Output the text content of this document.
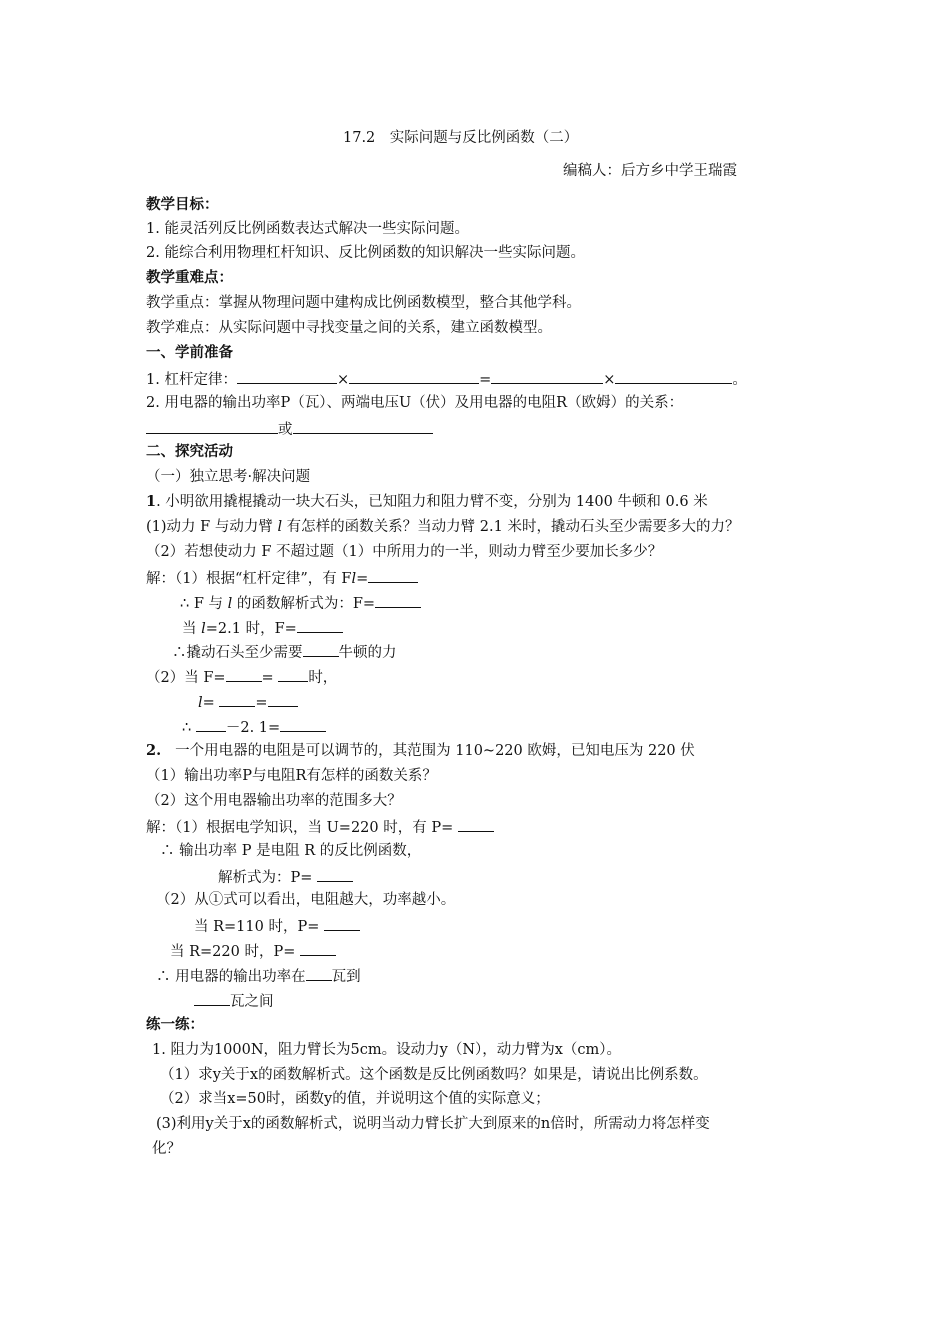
17.2　实际问题与反比例函数（二）
编稿人：后方乡中学王瑞霞
教学目标：
1. 能灵活列反比例函数表达式解决一些实际问题。
2. 能综合利用物理杠杆知识、反比例函数的知识解决一些实际问题。
教学重难点：
教学重点：掌握从物理问题中建构成比例函数模型，整合其他学科。
教学难点：从实际问题中寻找变量之间的关系，建立函数模型。
一、学前准备
1. 杠杆定律：	×	=	×	。
2. 用电器的输出功率P（瓦）、两端电压U（伏）及用电器的电阻R（欧姆）的关系：
或
二、探究活动
（一）独立思考·解决问题
1. 小明欲用撬棍撬动一块大石头，已知阻力和阻力臂不变，分别为 1400 牛顿和 0.6 米
(1)动力 F 与动力臂 l 有怎样的函数关系？当动力臂 2.1 米时，撬动石头至少需要多大的力？
（2）若想使动力 F 不超过题（1）中所用力的一半，则动力臂至少要加长多少？
解：（1）根据“杠杆定律”，有 Fl=
∴ F 与 l 的函数解析式为：F=
当 l=2.1 时，F=
∴撬动石头至少需要 牛顿的力
（2）当 F= = 时，
l= =
∴ －2. 1=
2. 一个用电器的电阻是可以调节的，其范围为 110~220 欧姆，已知电压为 220 伏
（1）输出功率P与电阻R有怎样的函数关系？
（2）这个用电器输出功率的范围多大？
解：（1）根据电学知识，当 U=220 时，有 P=
∴ 输出功率 P 是电阻 R 的反比例函数，
解析式为：P=
（2）从①式可以看出，电阻越大，功率越小。
当 R=110 时，P=
当 R=220 时，P=
∴ 用电器的输出功率在 瓦到
瓦之间
练一练：
1. 阻力为1000N，阻力臂长为5cm。设动力y（N），动力臂为x（cm）。
（1）求y关于x的函数解析式。这个函数是反比例函数吗？如果是，请说出比例系数。
（2）求当x=50时，函数y的值，并说明这个值的实际意义；
(3)利用y关于x的函数解析式，说明当动力臂长扩大到原来的n倍时，所需动力将怎样变
化？
